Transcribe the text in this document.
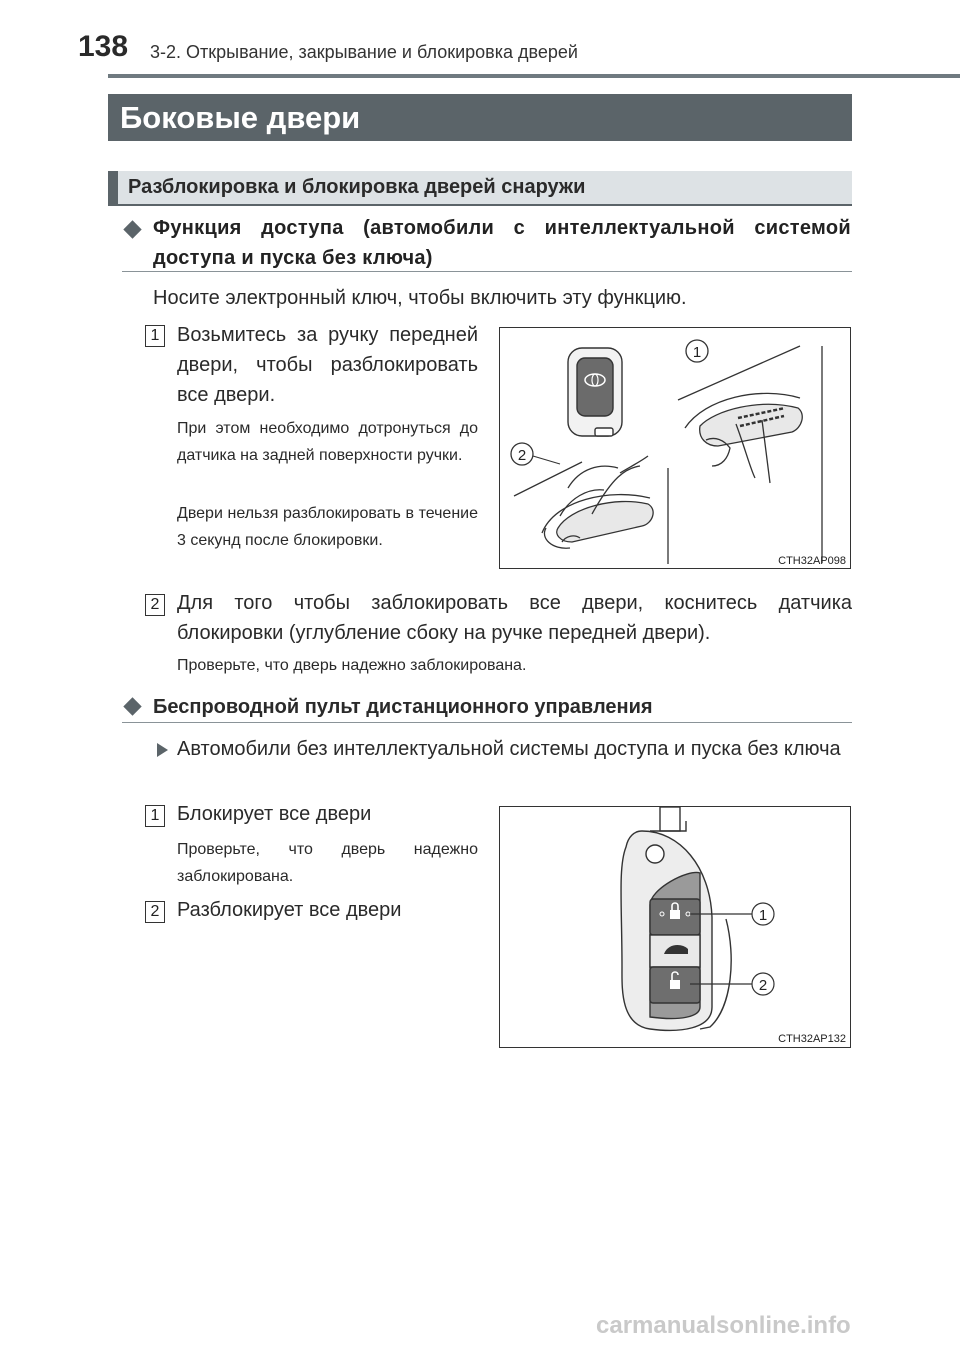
138 3-2. Открывание, закрывание и блокировка дверей
Боковые двери
Разблокировка и блокировка дверей снаружи
Функция доступа (автомобили с интеллектуальной системой доступа и пуска без ключа)
Носите электронный ключ, чтобы включить эту функцию.
1 Возьмитесь за ручку передней двери, чтобы разблокировать все двери.
При этом необходимо дотронуться до датчика на задней поверхности ручки.
Двери нельзя разблокировать в течение 3 секунд после блокировки.
1
2
CTH32AP098
2 Для того чтобы заблокировать все двери, коснитесь датчика блокировки (углубление сбоку на ручке передней двери).
Проверьте, что дверь надежно заблокирована.
Беспроводной пульт дистанционного управления
Автомобили без интеллектуальной системы доступа и пуска без ключа
1 Блокирует все двери
Проверьте, что дверь надежно заблокирована.
2 Разблокирует все двери	1
2
CTH32AP132
carmanualsonline.info
